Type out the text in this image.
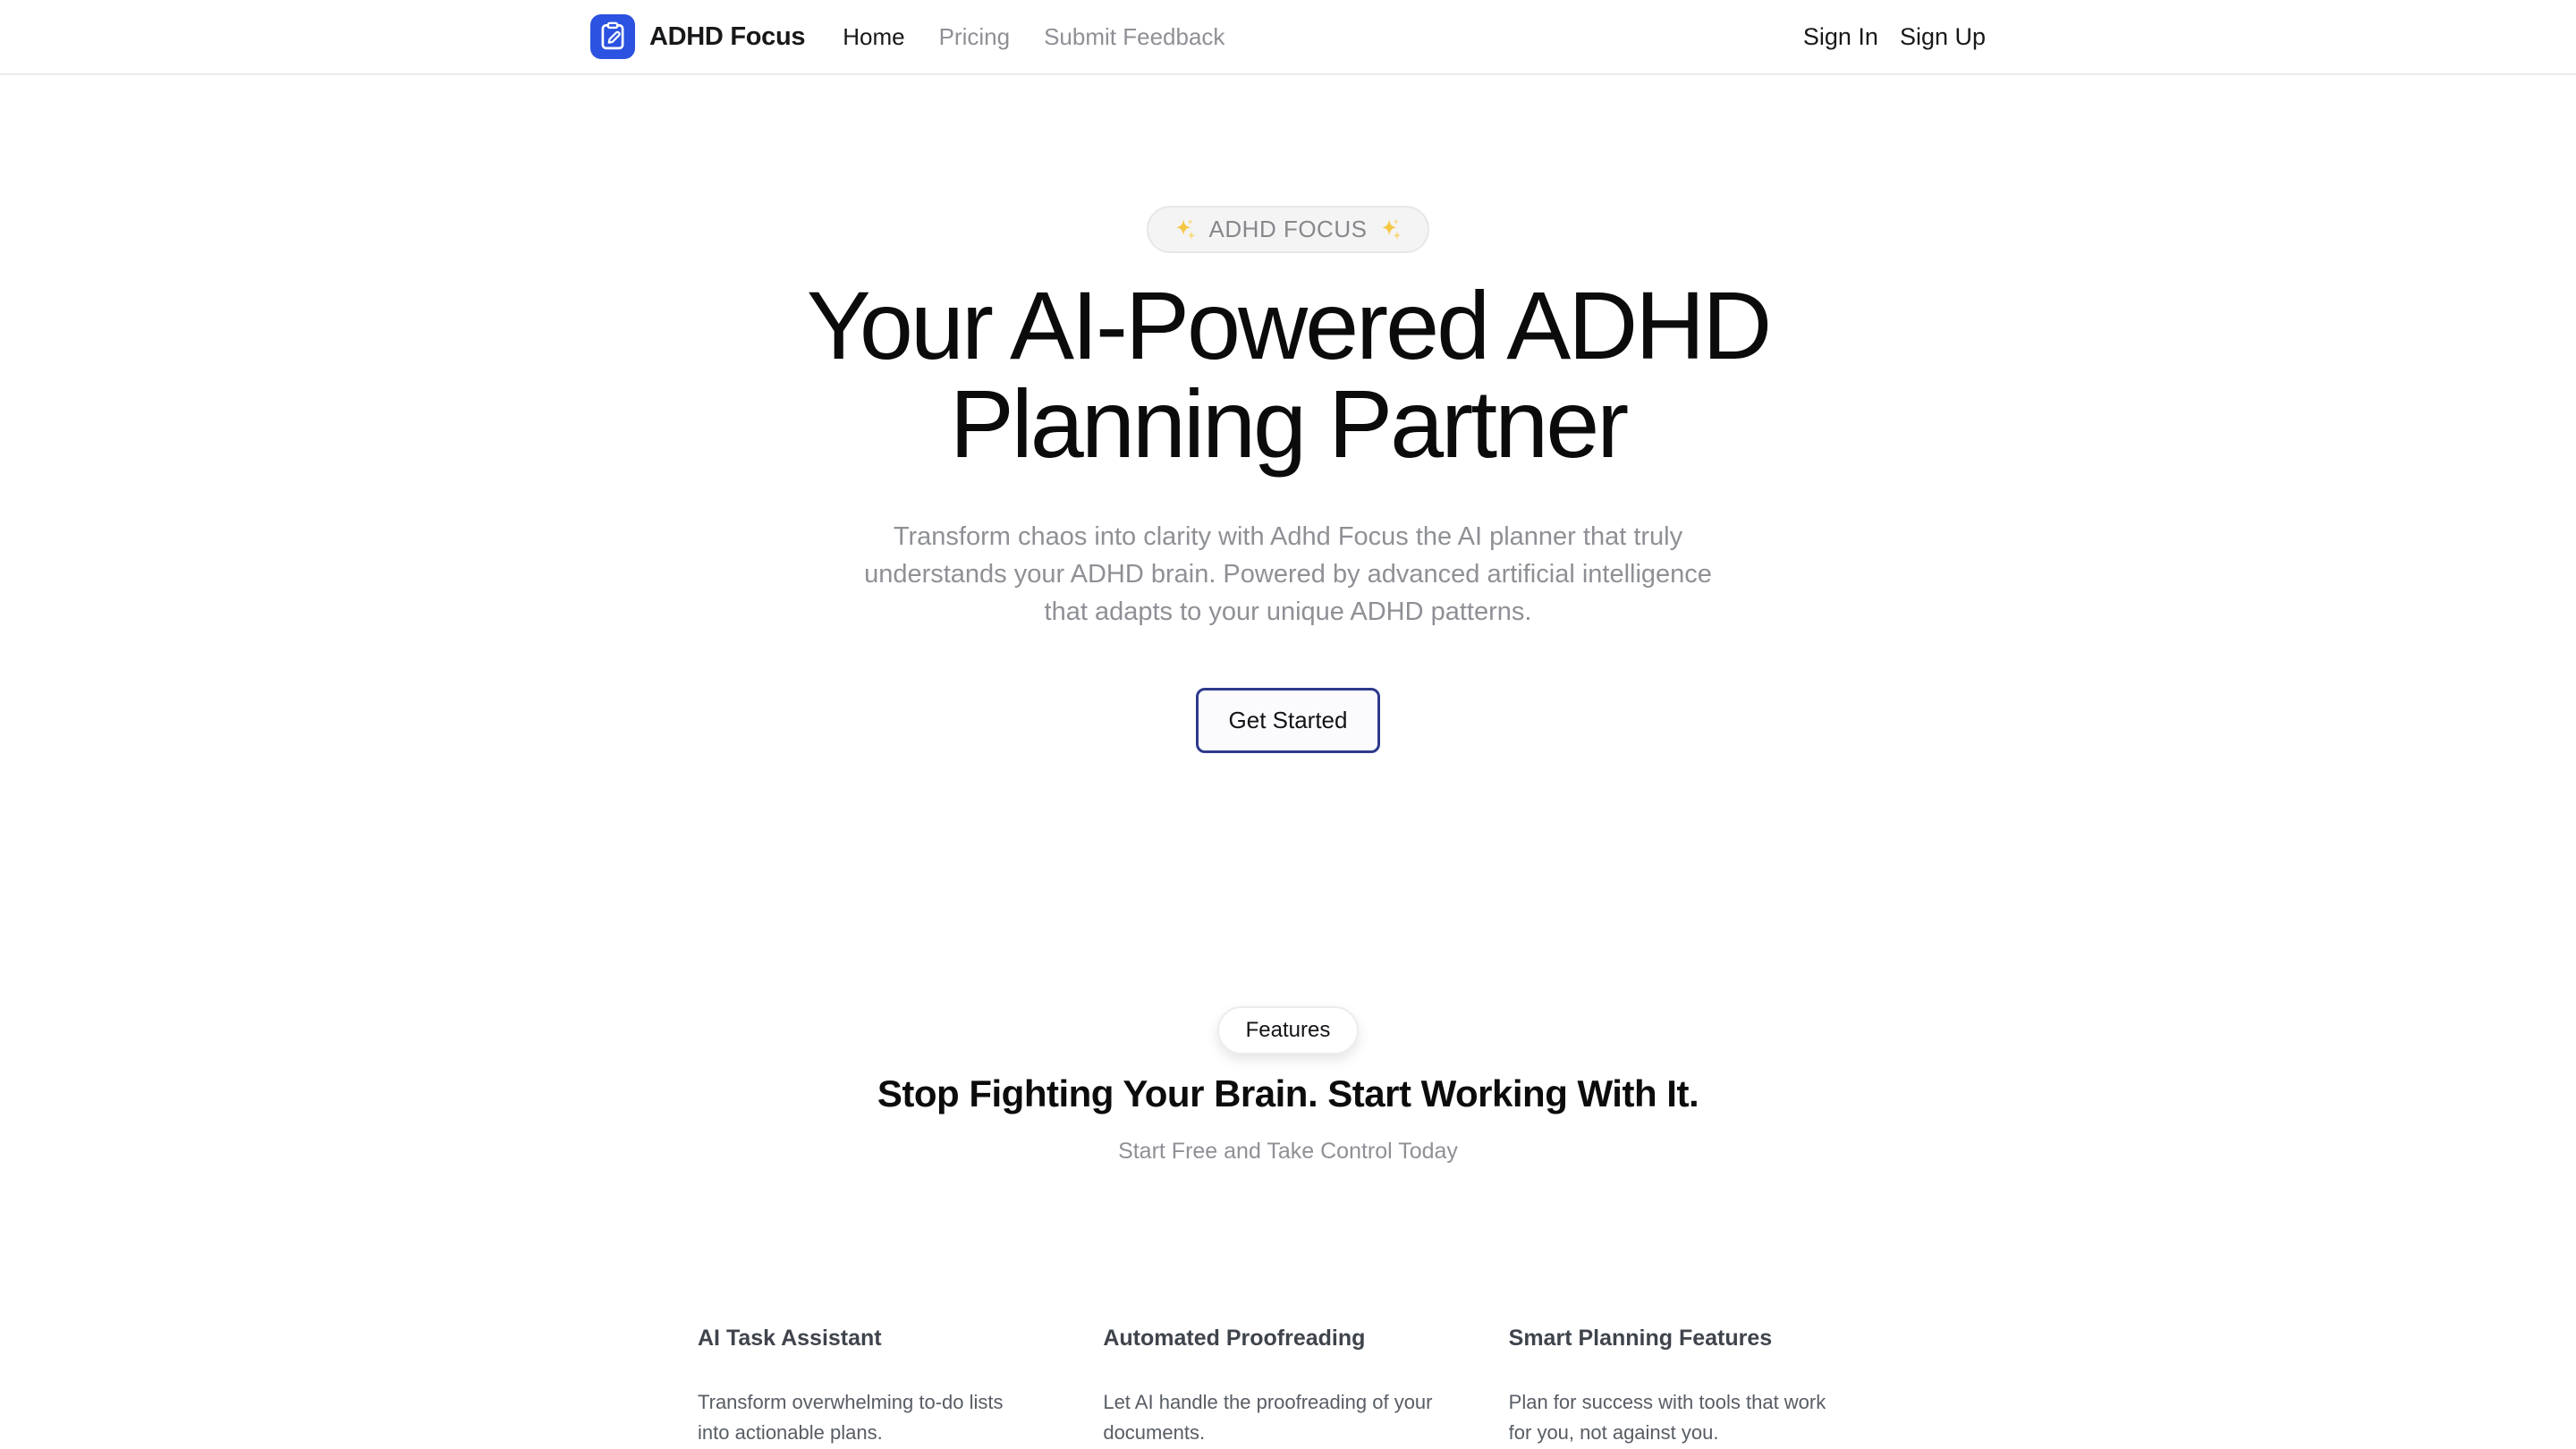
ADHD Focus Home Pricing Submit Feedback	Sign In Sign Up
ADHD FOCUS
Your AI-Powered ADHD Planning Partner
Transform chaos into clarity with Adhd Focus the AI planner that truly
understands your ADHD brain. Powered by advanced artificial intelligence
that adapts to your unique ADHD patterns.
Get Started
Features
Stop Fighting Your Brain. Start Working With It.
Start Free and Take Control Today
AI Task Assistant
Transform overwhelming to-do lists
into actionable plans.
Automated Proofreading
Let AI handle the proofreading of your
documents.
Smart Planning Features
Plan for success with tools that work
for you, not against you.
